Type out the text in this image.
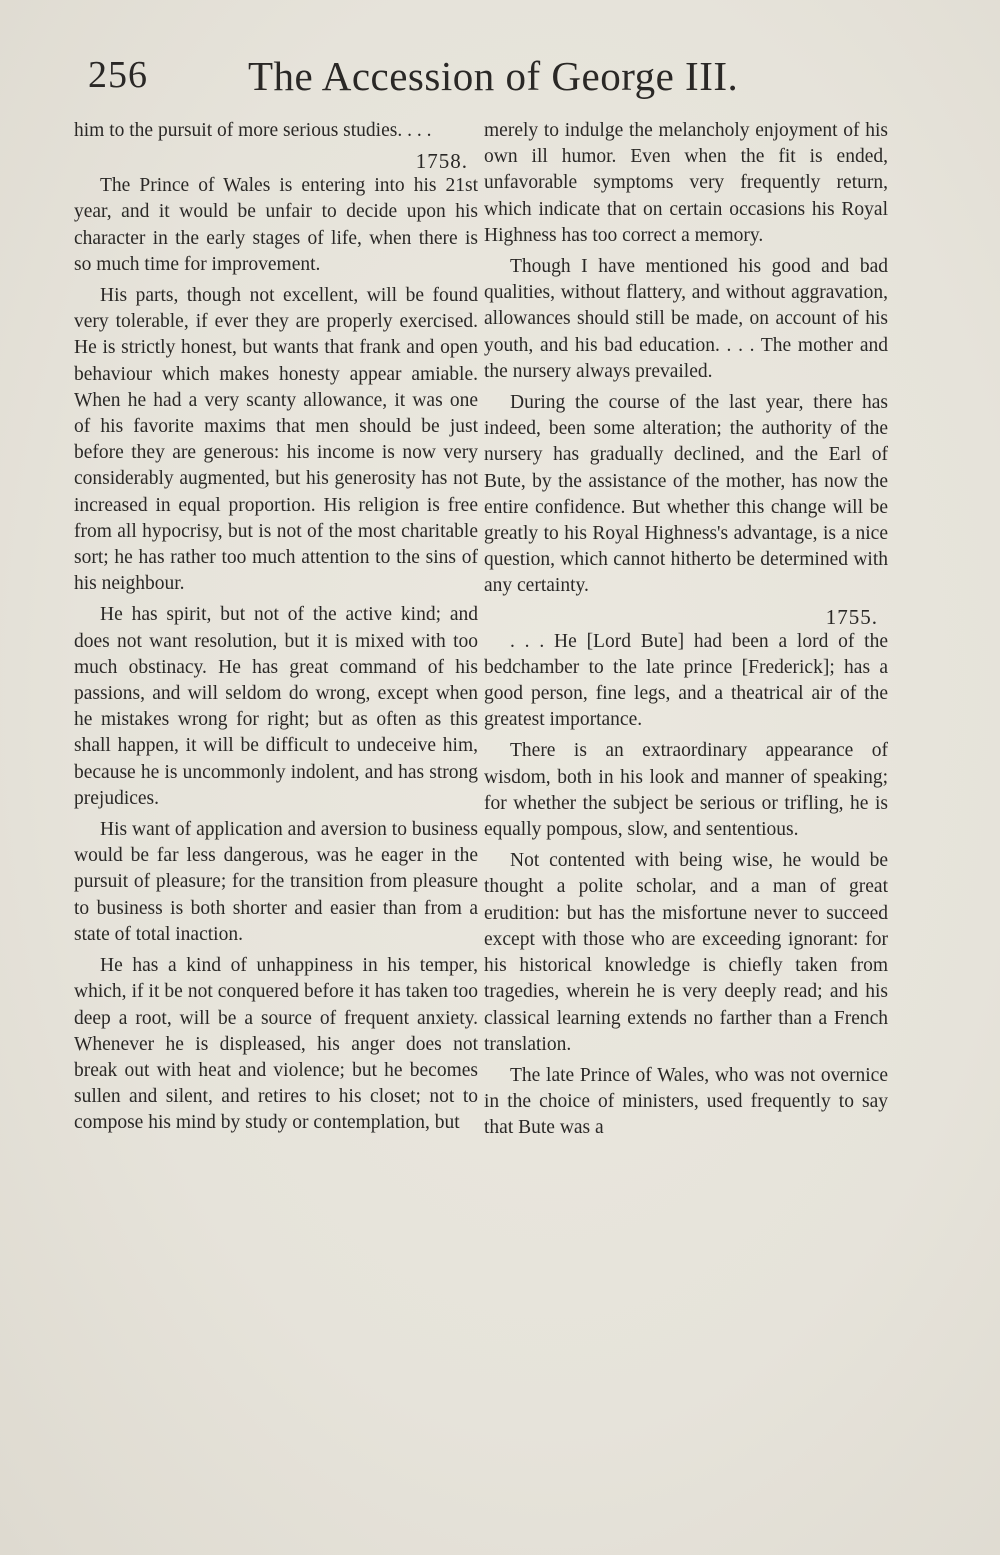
256 The Accession of George III.

him to the pursuit of more serious studies. . . .

1758.

The Prince of Wales is entering into his 21st year, and it would be unfair to decide upon his character in the early stages of life, when there is so much time for improvement.

His parts, though not excellent, will be found very tolerable, if ever they are properly exercised. He is strictly honest, but wants that frank and open behaviour which makes honesty appear amiable. When he had a very scanty allowance, it was one of his favorite maxims that men should be just before they are generous: his income is now very considerably augmented, but his generosity has not increased in equal proportion. His religion is free from all hypocrisy, but is not of the most charitable sort; he has rather too much attention to the sins of his neighbour.

He has spirit, but not of the active kind; and does not want resolution, but it is mixed with too much obstinacy. He has great command of his passions, and will seldom do wrong, except when he mistakes wrong for right; but as often as this shall happen, it will be difficult to undeceive him, because he is uncommonly indolent, and has strong prejudices.

His want of application and aversion to business would be far less dangerous, was he eager in the pursuit of pleasure; for the transition from pleasure to business is both shorter and easier than from a state of total inaction.

He has a kind of unhappiness in his temper, which, if it be not conquered before it has taken too deep a root, will be a source of frequent anxiety. Whenever he is displeased, his anger does not break out with heat and violence; but he becomes sullen and silent, and retires to his closet; not to compose his mind by study or contemplation, but

merely to indulge the melancholy enjoyment of his own ill humor. Even when the fit is ended, unfavorable symptoms very frequently return, which indicate that on certain occasions his Royal Highness has too correct a memory.

Though I have mentioned his good and bad qualities, without flattery, and without aggravation, allowances should still be made, on account of his youth, and his bad education. . . . The mother and the nursery always prevailed.

During the course of the last year, there has indeed, been some alteration; the authority of the nursery has gradually declined, and the Earl of Bute, by the assistance of the mother, has now the entire confidence. But whether this change will be greatly to his Royal Highness's advantage, is a nice question, which cannot hitherto be determined with any certainty.

1755.

. . . He [Lord Bute] had been a lord of the bedchamber to the late prince [Frederick]; has a good person, fine legs, and a theatrical air of the greatest importance.

There is an extraordinary appearance of wisdom, both in his look and manner of speaking; for whether the subject be serious or trifling, he is equally pompous, slow, and sententious.

Not contented with being wise, he would be thought a polite scholar, and a man of great erudition: but has the misfortune never to succeed except with those who are exceeding ignorant: for his historical knowledge is chiefly taken from tragedies, wherein he is very deeply read; and his classical learning extends no farther than a French translation.

The late Prince of Wales, who was not overnice in the choice of ministers, used frequently to say that Bute was a
